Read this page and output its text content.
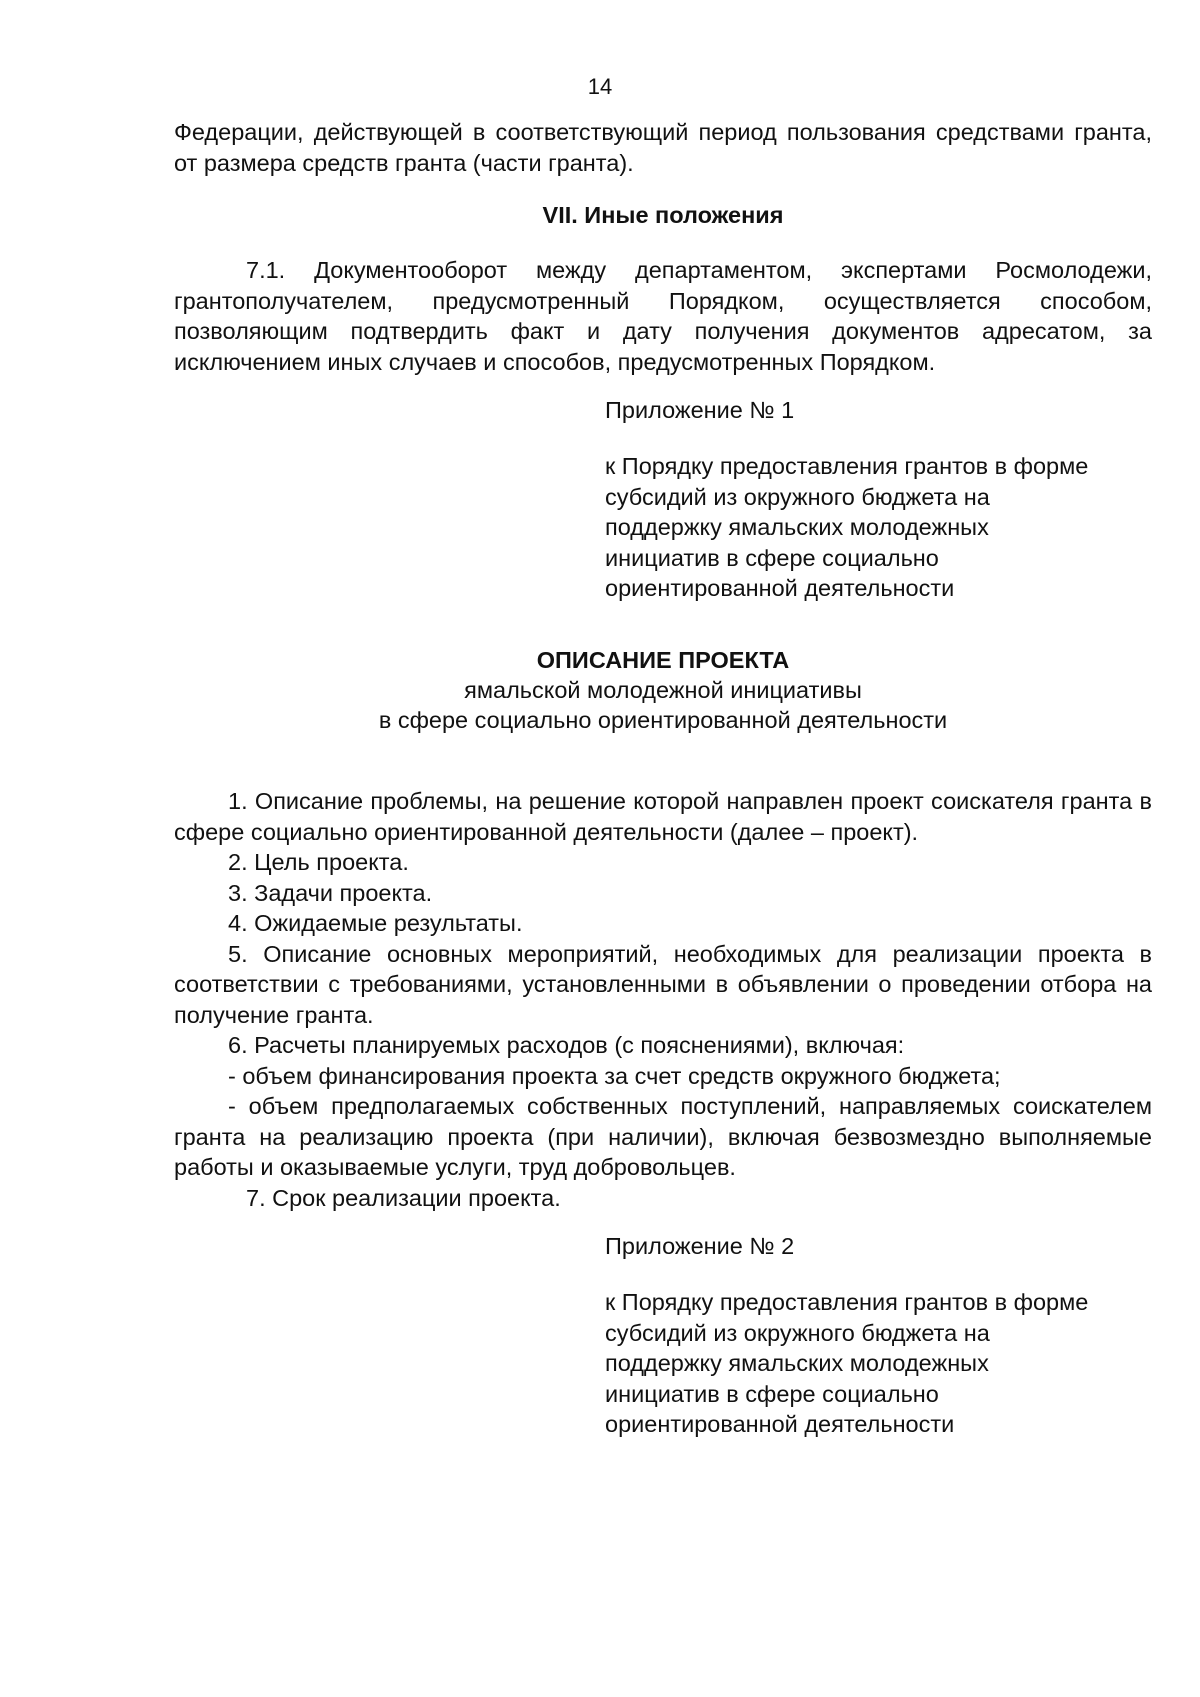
14

Федерации, действующей в соответствующий период пользования средствами гранта, от размера средств гранта (части гранта).

VII. Иные положения

7.1. Документооборот между департаментом, экспертами Росмолодежи, грантополучателем, предусмотренный Порядком, осуществляется способом, позволяющим подтвердить факт и дату получения документов адресатом, за исключением иных случаев и способов, предусмотренных Порядком.

Приложение № 1
к Порядку предоставления грантов в форме
субсидий из окружного бюджета на
поддержку ямальских молодежных
инициатив в сфере социально
ориентированной деятельности
ОПИСАНИЕ ПРОЕКТА
ямальской молодежной инициативы
в сфере социально ориентированной деятельности

1. Описание проблемы, на решение которой направлен проект соискателя гранта в сфере социально ориентированной деятельности (далее – проект).

2. Цель проекта.

3. Задачи проекта.

4. Ожидаемые результаты.

5. Описание основных мероприятий, необходимых для реализации проекта в соответствии с требованиями, установленными в объявлении о проведении отбора на получение гранта.

6. Расчеты планируемых расходов (с пояснениями), включая:

- объем финансирования проекта за счет средств окружного бюджета;

- объем предполагаемых собственных поступлений, направляемых соискателем гранта на реализацию проекта (при наличии), включая безвозмездно выполняемые работы и оказываемые услуги, труд добровольцев.

7. Срок реализации проекта.

Приложение № 2
к Порядку предоставления грантов в форме
субсидий из окружного бюджета на
поддержку ямальских молодежных
инициатив в сфере социально
ориентированной деятельности
